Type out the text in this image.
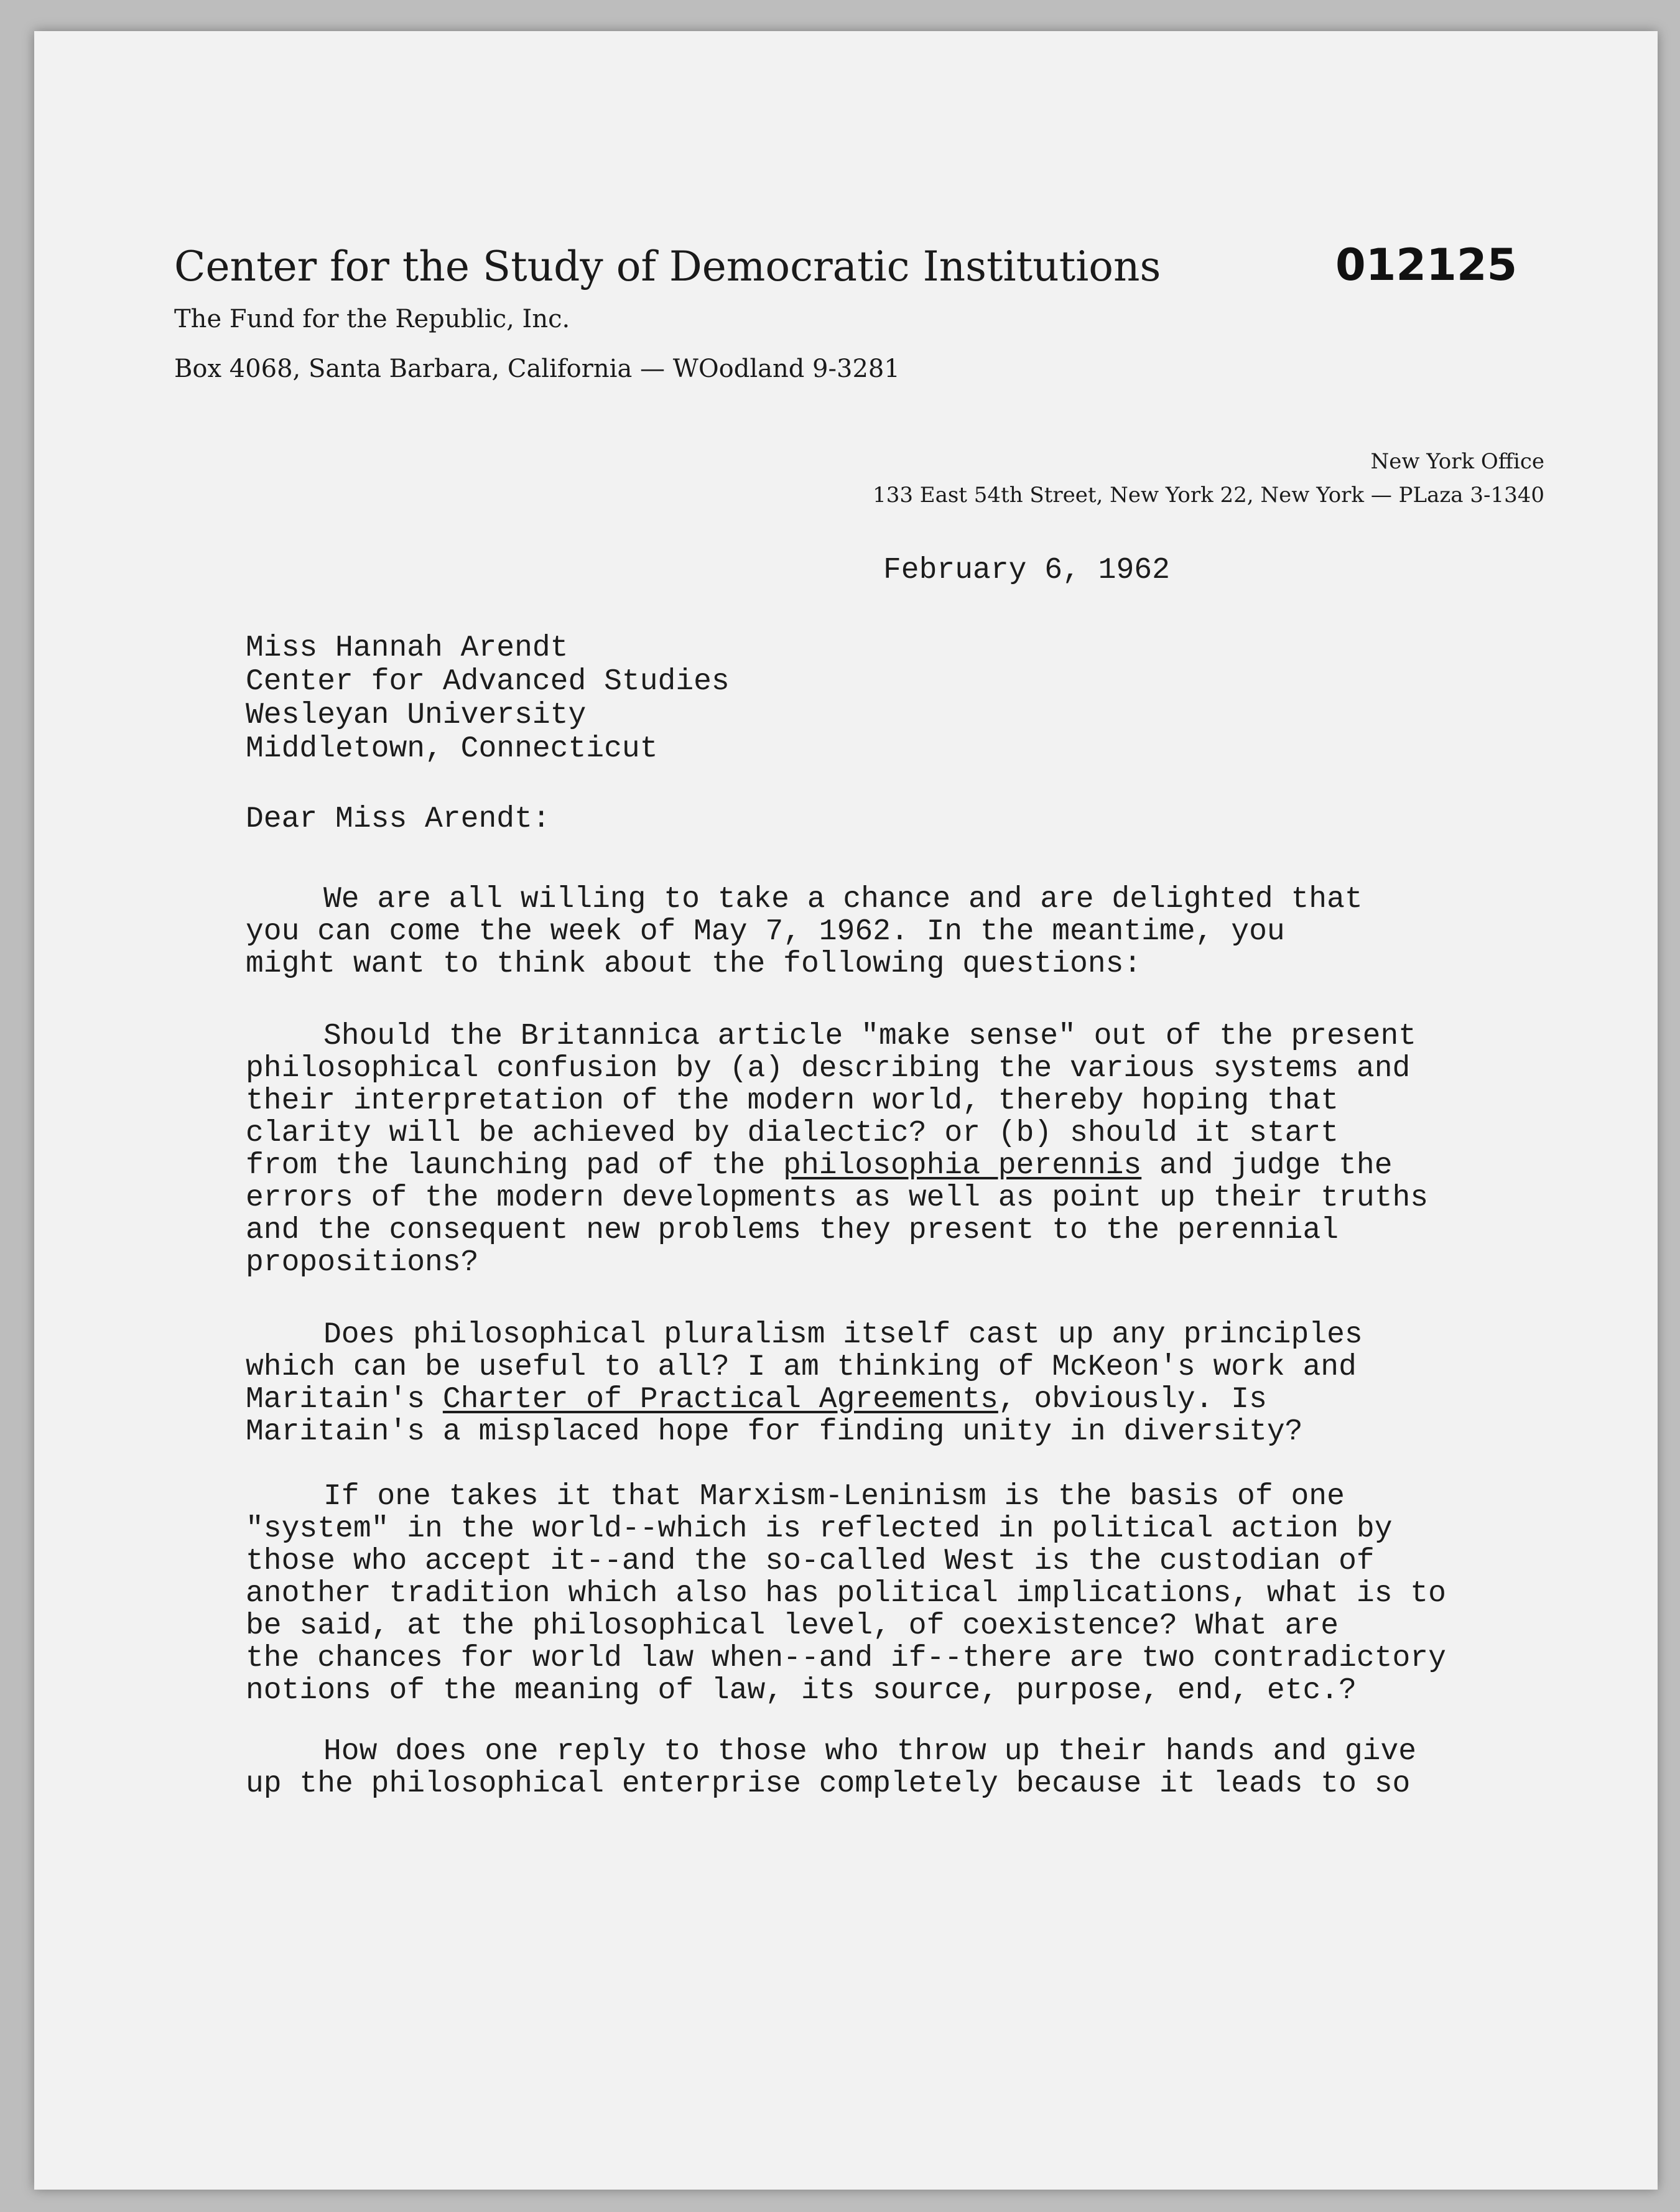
Center for the Study of Democratic Institutions
The Fund for the Republic, Inc.
Box 4068, Santa Barbara, California — WOodland 9-3281
012125
New York Office
133 East 54th Street, New York 22, New York — PLaza 3-1340
February 6, 1962
Miss Hannah Arendt
Center for Advanced Studies
Wesleyan University
Middletown, Connecticut
Dear Miss Arendt:
We are all willing to take a chance and are delighted that
you can come the week of May 7, 1962. In the meantime, you
might want to think about the following questions:
Should the Britannica article "make sense" out of the present
philosophical confusion by (a) describing the various systems and
their interpretation of the modern world, thereby hoping that
clarity will be achieved by dialectic? or (b) should it start
from the launching pad of the philosophia perennis and judge the
errors of the modern developments as well as point up their truths
and the consequent new problems they present to the perennial
propositions?
Does philosophical pluralism itself cast up any principles
which can be useful to all? I am thinking of McKeon's work and
Maritain's Charter of Practical Agreements, obviously. Is
Maritain's a misplaced hope for finding unity in diversity?
If one takes it that Marxism-Leninism is the basis of one
"system" in the world--which is reflected in political action by
those who accept it--and the so-called West is the custodian of
another tradition which also has political implications, what is to
be said, at the philosophical level, of coexistence? What are
the chances for world law when--and if--there are two contradictory
notions of the meaning of law, its source, purpose, end, etc.?
How does one reply to those who throw up their hands and give
up the philosophical enterprise completely because it leads to so
